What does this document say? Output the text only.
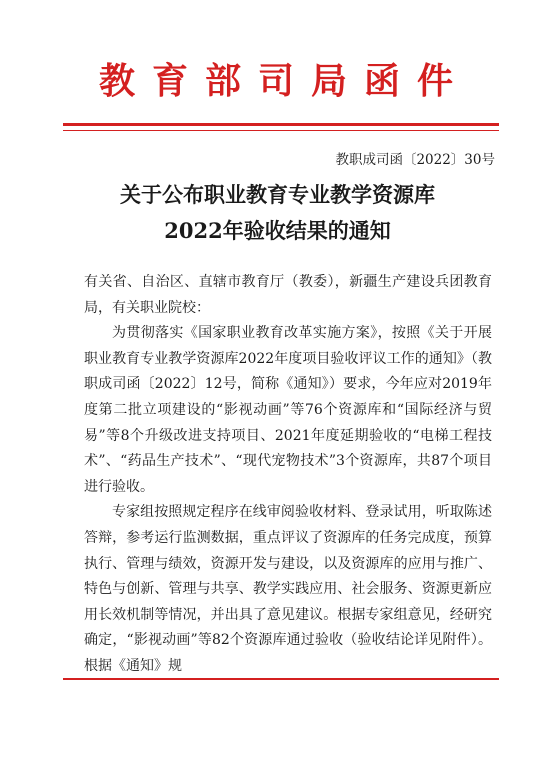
教育部司局函件
教职成司函〔2022〕30号
关于公布职业教育专业教学资源库
2022年验收结果的通知

有关省、自治区、直辖市教育厅（教委），新疆生产建设兵团教育局，有关职业院校：

为贯彻落实《国家职业教育改革实施方案》，按照《关于开展职业教育专业教学资源库2022年度项目验收评议工作的通知》（教职成司函〔2022〕12号，简称《通知》）要求，今年应对2019年度第二批立项建设的“影视动画”等76个资源库和“国际经济与贸易”等8个升级改进支持项目、2021年度延期验收的“电梯工程技术”、“药品生产技术”、“现代宠物技术”3个资源库，共87个项目进行验收。

专家组按照规定程序在线审阅验收材料、登录试用，听取陈述答辩，参考运行监测数据，重点评议了资源库的任务完成度，预算执行、管理与绩效，资源开发与建设，以及资源库的应用与推广、特色与创新、管理与共享、教学实践应用、社会服务、资源更新应用长效机制等情况，并出具了意见建议。根据专家组意见，经研究确定，“影视动画”等82个资源库通过验收（验收结论详见附件）。根据《通知》规
